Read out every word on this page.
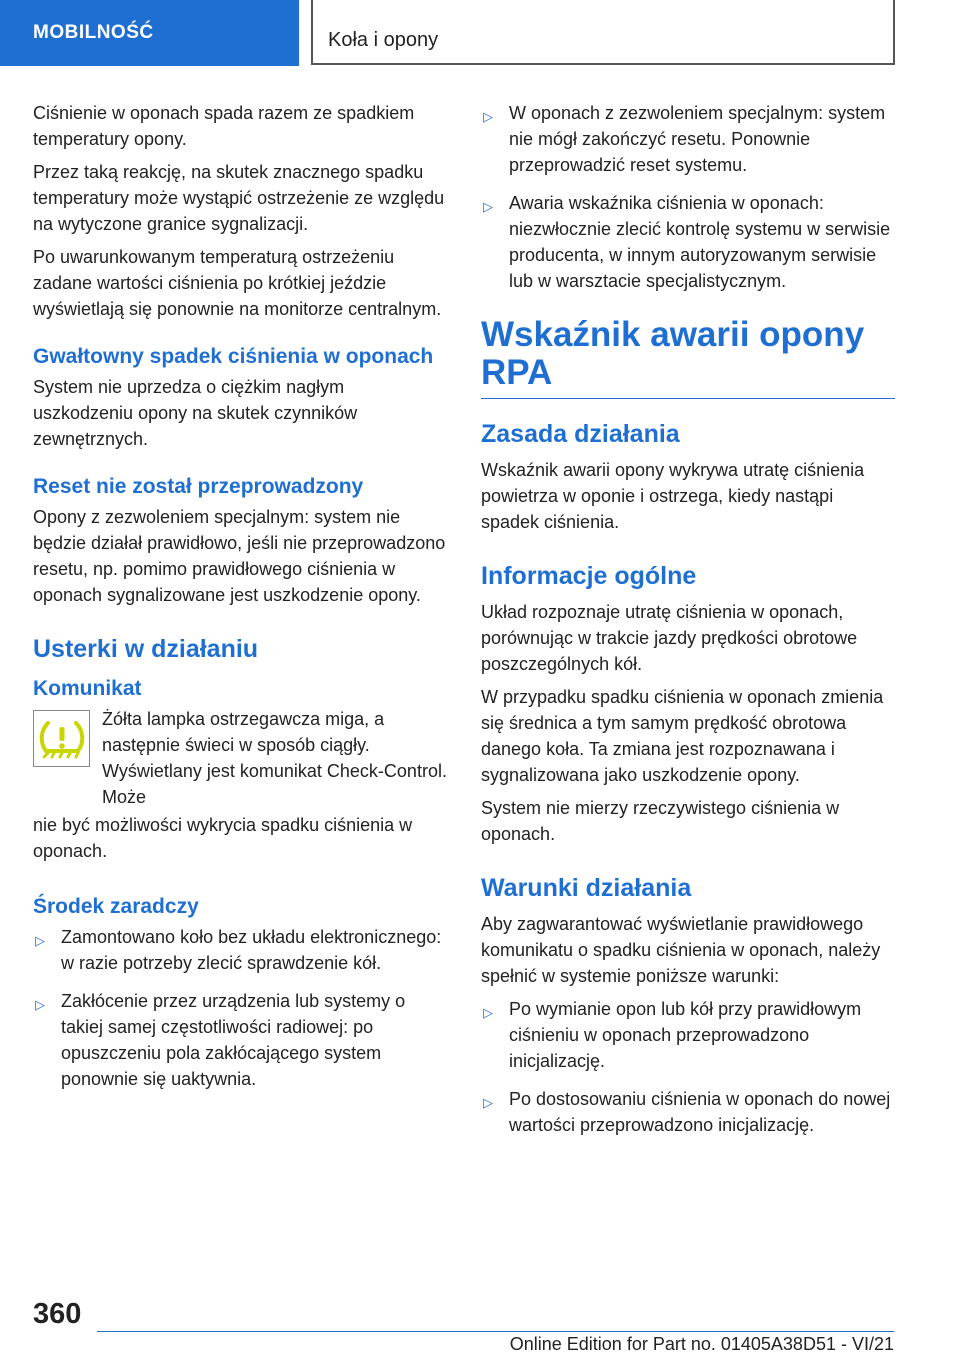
MOBILNOŚĆ	Koła i opony

Ciśnienie w oponach spada razem ze spadkiem temperatury opony.

Przez taką reakcję, na skutek znacznego spadku temperatury może wystąpić ostrzeżenie ze względu na wytyczone granice sygnalizacji.

Po uwarunkowanym temperaturą ostrzeżeniu zadane wartości ciśnienia po krótkiej jeździe wyświetlają się ponownie na monitorze centralnym.

Gwałtowny spadek ciśnienia w oponach

System nie uprzedza o ciężkim nagłym uszkodzeniu opony na skutek czynników zewnętrznych.

Reset nie został przeprowadzony

Opony z zezwoleniem specjalnym: system nie będzie działał prawidłowo, jeśli nie przeprowadzono resetu, np. pomimo prawidłowego ciśnienia w oponach sygnalizowane jest uszkodzenie opony.

Usterki w działaniu
Komunikat

Żółta lampka ostrzegawcza miga, a następnie świeci w sposób ciągły. Wyświetlany jest komunikat Check-Control. Może

nie być możliwości wykrycia spadku ciśnienia w oponach.

Środek zaradczy
▷ Zamontowano koło bez układu elektronicznego: w razie potrzeby zlecić sprawdzenie kół.
▷ Zakłócenie przez urządzenia lub systemy o takiej samej częstotliwości radiowej: po opuszczeniu pola zakłócającego system ponownie się uaktywnia.
▷ W oponach z zezwoleniem specjalnym: system nie mógł zakończyć resetu. Ponownie przeprowadzić reset systemu.
▷ Awaria wskaźnika ciśnienia w oponach: niezwłocznie zlecić kontrolę systemu w serwisie producenta, w innym autoryzowanym serwisie lub w warsztacie specjalistycznym.
Wskaźnik awarii opony RPA
Zasada działania

Wskaźnik awarii opony wykrywa utratę ciśnienia powietrza w oponie i ostrzega, kiedy nastąpi spadek ciśnienia.

Informacje ogólne

Układ rozpoznaje utratę ciśnienia w oponach, porównując w trakcie jazdy prędkości obrotowe poszczególnych kół.

W przypadku spadku ciśnienia w oponach zmienia się średnica a tym samym prędkość obrotowa danego koła. Ta zmiana jest rozpoznawana i sygnalizowana jako uszkodzenie opony.

System nie mierzy rzeczywistego ciśnienia w oponach.

Warunki działania

Aby zagwarantować wyświetlanie prawidłowego komunikatu o spadku ciśnienia w oponach, należy spełnić w systemie poniższe warunki:

▷ Po wymianie opon lub kół przy prawidłowym ciśnieniu w oponach przeprowadzono inicjalizację.
▷ Po dostosowaniu ciśnienia w oponach do nowej wartości przeprowadzono inicjalizację.
360
Online Edition for Part no. 01405A38D51 - VI/21
